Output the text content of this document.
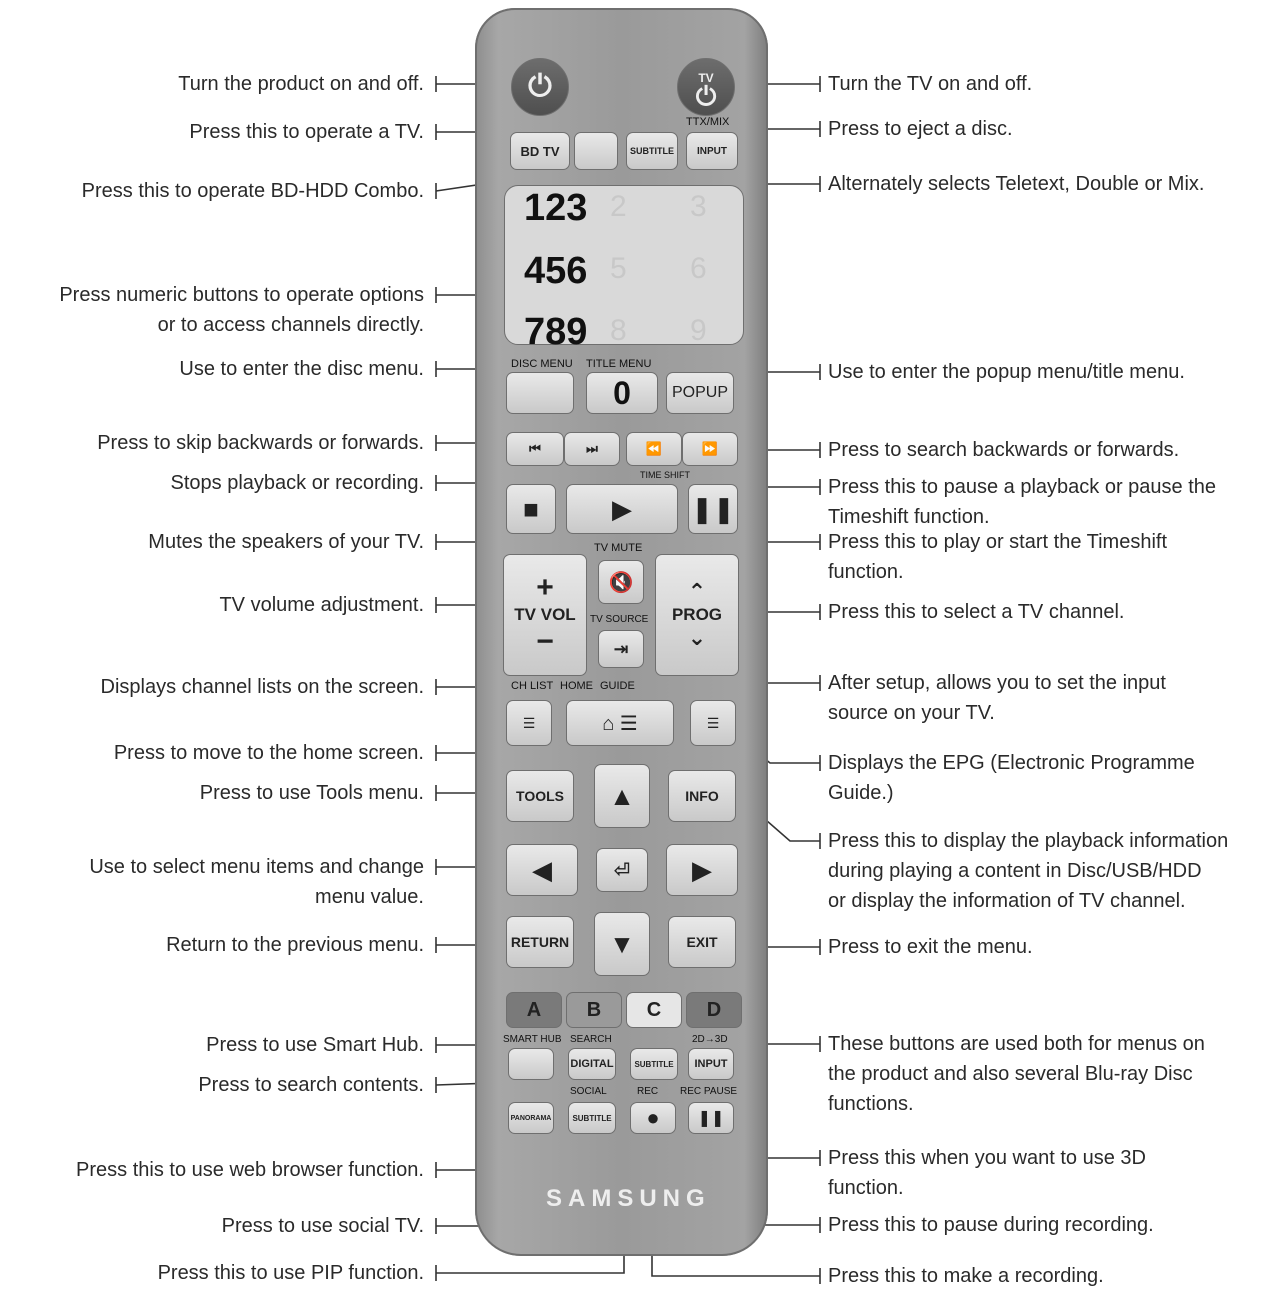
⏻	TV
⏻
TTX/MIX
BD TV	SUBTITLE	INPUT
123
456
789
2 3
5 6
8 9
DISC MENU TITLE MENU
0	POPUP
⏮	⏭	⏪	⏩
TIME SHIFT
■	▶	❚❚
TV MUTE
+
TV VOL
−
🔇
TV SOURCE
⇥
⌃
PROG
⌄
CH LIST HOME GUIDE
☰	⌂ ☰	☰
TOOLS	INFO
▲
◀	⏎	▶
▼
RETURN	EXIT
A	B	C	D
SMART HUB SEARCH	2D→3D
DIGITAL	SUBTITLE	INPUT
SOCIAL	REC REC PAUSE
PANORAMA	SUBTITLE	●	❚❚
SAMSUNG
Turn the product on and off.
Press this to operate a TV.
Press this to operate BD-HDD Combo.
Press numeric buttons to operate options
or to access channels directly.
Use to enter the disc menu.
Press to skip backwards or forwards.
Stops playback or recording.
Mutes the speakers of your TV.
TV volume adjustment.
Displays channel lists on the screen.
Press to move to the home screen.
Press to use Tools menu.
Use to select menu items and change
menu value.
Return to the previous menu.
Press to use Smart Hub.
Press to search contents.
Press this to use web browser function.
Press to use social TV.
Press this to use PIP function.
Turn the TV on and off.
Press to eject a disc.
Alternately selects Teletext, Double or Mix.
Use to enter the popup menu/title menu.
Press to search backwards or forwards.
Press this to pause a playback or pause the
Timeshift function.
Press this to play or start the Timeshift
function.
Press this to select a TV channel.
After setup, allows you to set the input
source on your TV.
Displays the EPG (Electronic Programme
Guide.)
Press this to display the playback information
during playing a content in Disc/USB/HDD
or display the information of TV channel.
Press to exit the menu.
These buttons are used both for menus on
the product and also several Blu-ray Disc
functions.
Press this when you want to use 3D
function.
Press this to pause during recording.
Press this to make a recording.
